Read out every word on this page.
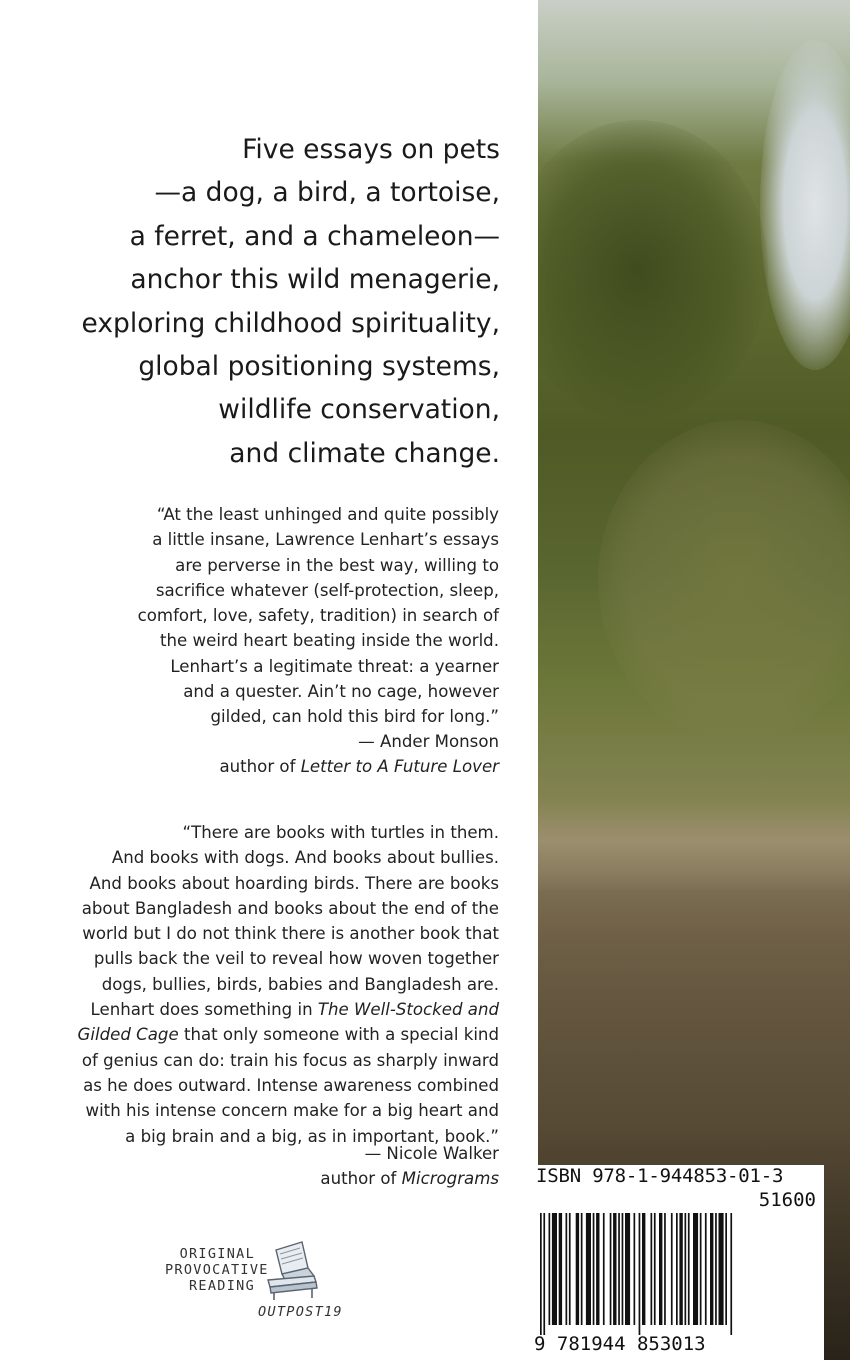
Five essays on pets
—a dog, a bird, a tortoise,
a ferret, and a chameleon—
anchor this wild menagerie,
exploring childhood spirituality,
global positioning systems,
wildlife conservation,
and climate change.
“At the least unhinged and quite possibly
a little insane, Lawrence Lenhart’s essays
are perverse in the best way, willing to
sacrifice whatever (self-protection, sleep,
comfort, love, safety, tradition) in search of
the weird heart beating inside the world.
Lenhart’s a legitimate threat: a yearner
and a quester. Ain’t no cage, however
gilded, can hold this bird for long.”
— Ander Monson
author of Letter to A Future Lover
“There are books with turtles in them.
And books with dogs. And books about bullies.
And books about hoarding birds. There are books
about Bangladesh and books about the end of the
world but I do not think there is another book that
pulls back the veil to reveal how woven together
dogs, bullies, birds, babies and Bangladesh are.
Lenhart does something in The Well-Stocked and
Gilded Cage that only someone with a special kind
of genius can do: train his focus as sharply inward
as he does outward. Intense awareness combined
with his intense concern make for a big heart and
a big brain and a big, as in important, book.”
— Nicole Walker
author of Micrograms ISBN 978-1-944853-01-3
51600
9 781944 853013
ORIGINAL
PROVOCATIVE
READING
OUTPOST19
